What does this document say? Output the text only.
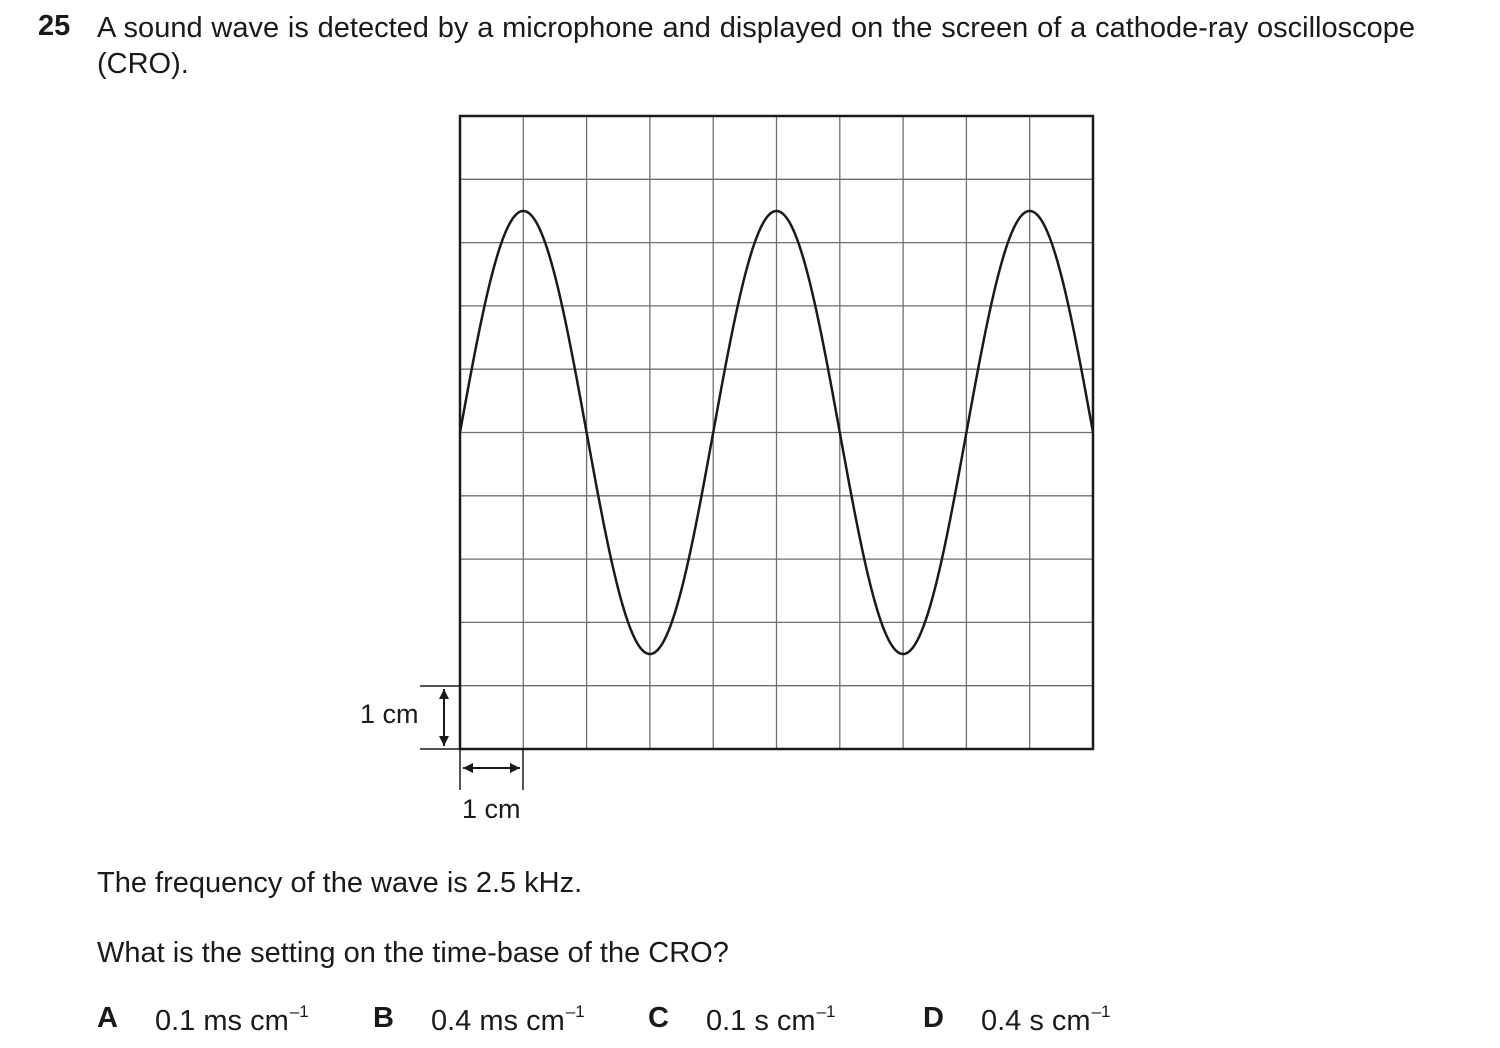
25 A sound wave is detected by a microphone and displayed on the screen of a cathode-ray oscilloscope (CRO).
1 cm
1 cm
The frequency of the wave is 2.5 kHz.
What is the setting on the time-base of the CRO?
A 0.1 ms $cm^{-1}$ B 0.4 ms $cm^{-1}$ C 0.1 s $cm^{-1}$	D 0.4 s $cm^{-1}$
